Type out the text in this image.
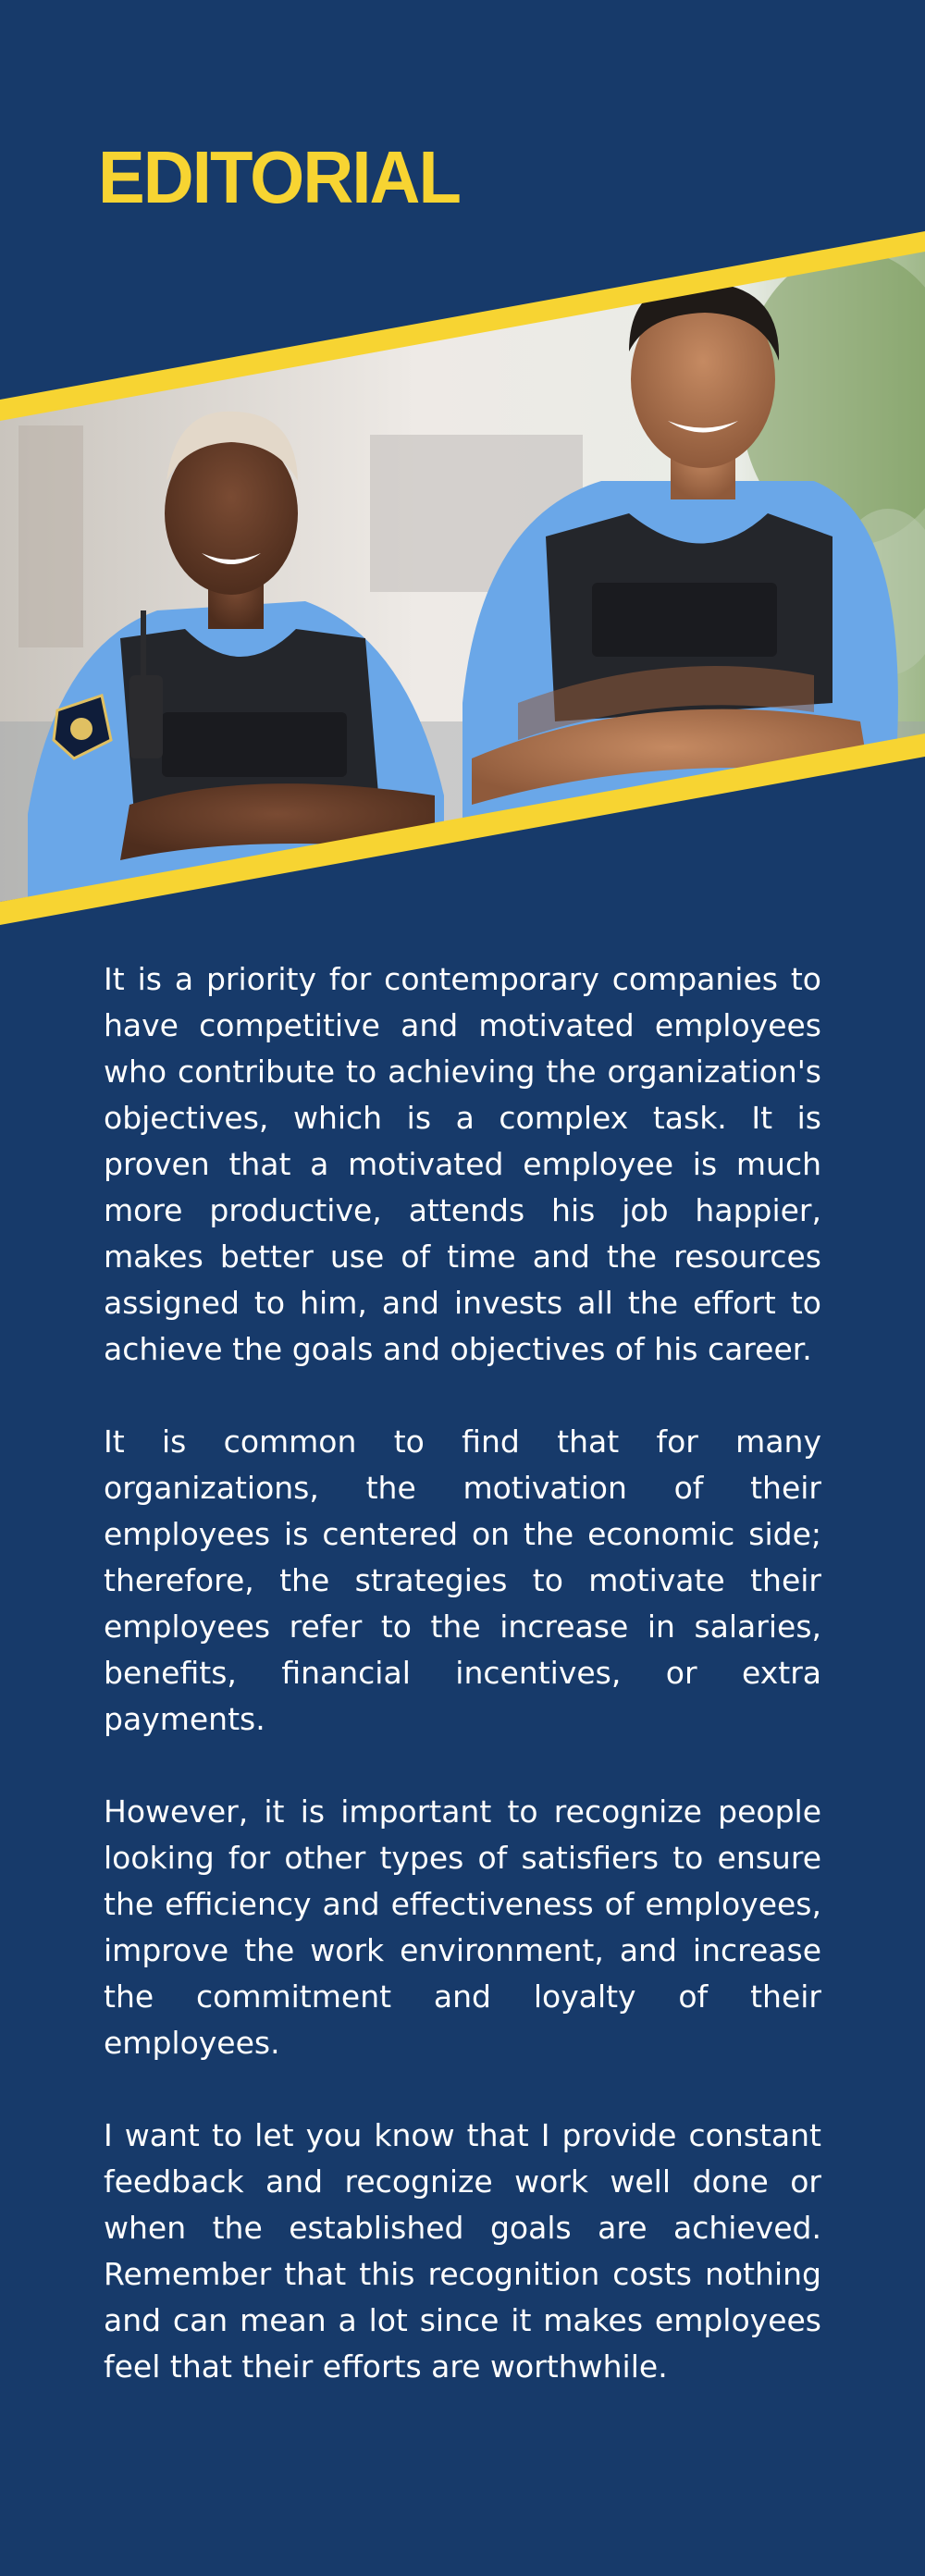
EDITORIAL

It is a priority for contemporary companies to have competitive and motivated employees who contribute to achieving the organization's objectives, which is a complex task. It is proven that a motivated employee is much more productive, attends his job happier, makes better use of time and the resources assigned to him, and invests all the effort to achieve the goals and objectives of his career.

It is common to find that for many organizations, the motivation of their employees is centered on the economic side; therefore, the strategies to motivate their employees refer to the increase in salaries, benefits, financial incentives, or extra payments.

However, it is important to recognize people looking for other types of satisfiers to ensure the efficiency and effectiveness of employees, improve the work environment, and increase the commitment and loyalty of their employees.

I want to let you know that I provide constant feedback and recognize work well done or when the established goals are achieved. Remember that this recognition costs nothing and can mean a lot since it makes employees feel that their efforts are worthwhile.
